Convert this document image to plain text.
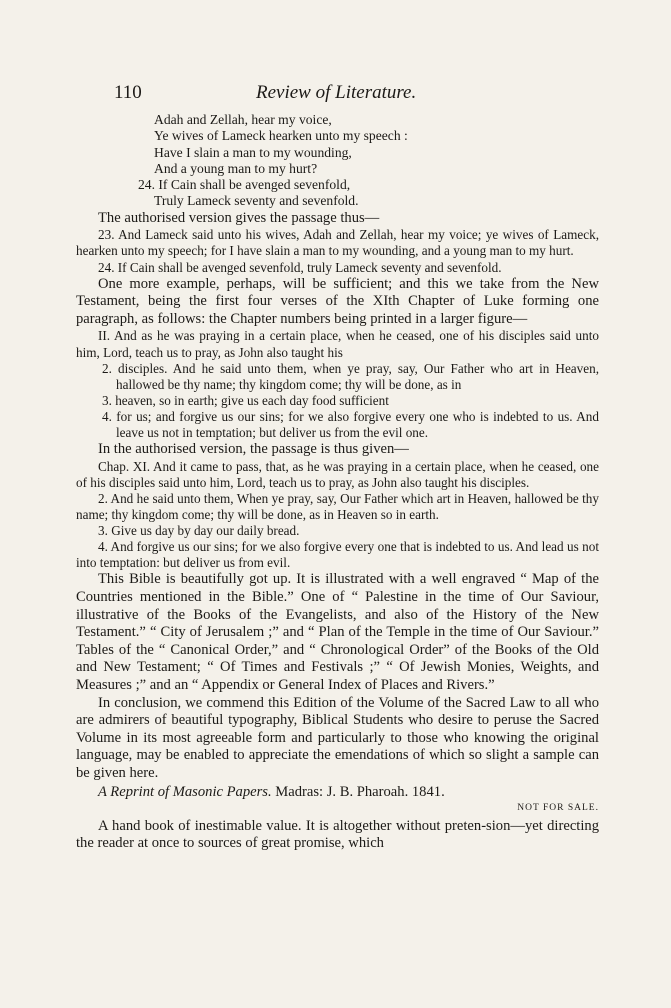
110	Review of Literature.
Adah and Zellah, hear my voice,
Ye wives of Lameck hearken unto my speech :
Have I slain a man to my wounding,
And a young man to my hurt?
24. If Cain shall be avenged sevenfold,
Truly Lameck seventy and sevenfold.
The authorised version gives the passage thus—
23. And Lameck said unto his wives, Adah and Zellah, hear my voice; ye wives of Lameck, hearken unto my speech; for I have slain a man to my wounding, and a young man to my hurt.
24. If Cain shall be avenged sevenfold, truly Lameck seventy and sevenfold.
One more example, perhaps, will be sufficient; and this we take from the New Testament, being the first four verses of the XIth Chapter of Luke forming one paragraph, as follows: the Chapter numbers being printed in a larger figure—
II. And as he was praying in a certain place, when he ceased, one of his disciples said unto him, Lord, teach us to pray, as John also taught his
2. disciples. And he said unto them, when ye pray, say, Our Father who art in Heaven, hallowed be thy name; thy kingdom come; thy will be done, as in
3. heaven, so in earth; give us each day food sufficient
4. for us; and forgive us our sins; for we also forgive every one who is indebted to us. And leave us not in temptation; but deliver us from the evil one.
In the authorised version, the passage is thus given—
Chap. XI. And it came to pass, that, as he was praying in a certain place, when he ceased, one of his disciples said unto him, Lord, teach us to pray, as John also taught his disciples.
2. And he said unto them, When ye pray, say, Our Father which art in Heaven, hallowed be thy name; thy kingdom come; thy will be done, as in Heaven so in earth.
3. Give us day by day our daily bread.
4. And forgive us our sins; for we also forgive every one that is indebted to us. And lead us not into temptation: but deliver us from evil.
This Bible is beautifully got up. It is illustrated with a well engraved “ Map of the Countries mentioned in the Bible.” One of “ Palestine in the time of Our Saviour, illustrative of the Books of the Evangelists, and also of the History of the New Testament.” “ City of Jerusalem ;” and “ Plan of the Temple in the time of Our Saviour.” Tables of the “ Canonical Order,” and “ Chronological Order” of the Books of the Old and New Testament; “ Of Times and Festivals ;” “ Of Jewish Monies, Weights, and Measures ;” and an “ Appendix or General Index of Places and Rivers.”
In conclusion, we commend this Edition of the Volume of the Sacred Law to all who are admirers of beautiful typography, Biblical Students who desire to peruse the Sacred Volume in its most agreeable form and particularly to those who knowing the original language, may be enabled to appreciate the emendations of which so slight a sample can be given here.
A Reprint of Masonic Papers. Madras: J. B. Pharoah. 1841.
NOT FOR SALE.
A hand book of inestimable value. It is altogether without preten-sion—yet directing the reader at once to sources of great promise, which
